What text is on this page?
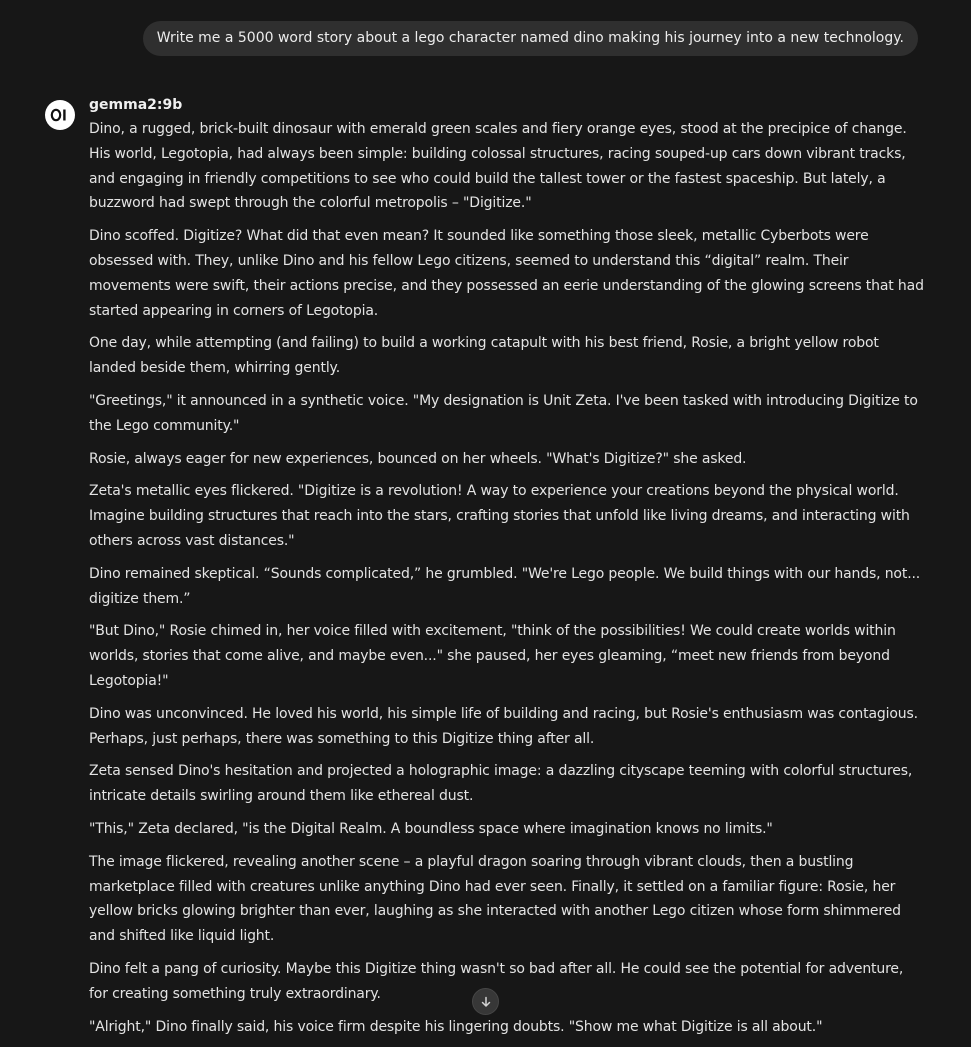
Write me a 5000 word story about a lego character named dino making his journey into a new technology.
gemma2:9b

Dino, a rugged, brick-built dinosaur with emerald green scales and fiery orange eyes, stood at the precipice of change. His world, Legotopia, had always been simple: building colossal structures, racing souped-up cars down vibrant tracks, and engaging in friendly competitions to see who could build the tallest tower or the fastest spaceship. But lately, a buzzword had swept through the colorful metropolis – "Digitize."

Dino scoffed. Digitize? What did that even mean? It sounded like something those sleek, metallic Cyberbots were obsessed with. They, unlike Dino and his fellow Lego citizens, seemed to understand this “digital” realm. Their movements were swift, their actions precise, and they possessed an eerie understanding of the glowing screens that had started appearing in corners of Legotopia.

One day, while attempting (and failing) to build a working catapult with his best friend, Rosie, a bright yellow robot landed beside them, whirring gently.

"Greetings," it announced in a synthetic voice. "My designation is Unit Zeta. I've been tasked with introducing Digitize to the Lego community."

Rosie, always eager for new experiences, bounced on her wheels. "What's Digitize?" she asked.

Zeta's metallic eyes flickered. "Digitize is a revolution! A way to experience your creations beyond the physical world. Imagine building structures that reach into the stars, crafting stories that unfold like living dreams, and interacting with others across vast distances."

Dino remained skeptical. “Sounds complicated,” he grumbled. "We're Lego people. We build things with our hands, not... digitize them.”

"But Dino," Rosie chimed in, her voice filled with excitement, "think of the possibilities! We could create worlds within worlds, stories that come alive, and maybe even..." she paused, her eyes gleaming, “meet new friends from beyond Legotopia!"

Dino was unconvinced. He loved his world, his simple life of building and racing, but Rosie's enthusiasm was contagious. Perhaps, just perhaps, there was something to this Digitize thing after all.

Zeta sensed Dino's hesitation and projected a holographic image: a dazzling cityscape teeming with colorful structures, intricate details swirling around them like ethereal dust.

"This," Zeta declared, "is the Digital Realm. A boundless space where imagination knows no limits."

The image flickered, revealing another scene – a playful dragon soaring through vibrant clouds, then a bustling marketplace filled with creatures unlike anything Dino had ever seen. Finally, it settled on a familiar figure: Rosie, her yellow bricks glowing brighter than ever, laughing as she interacted with another Lego citizen whose form shimmered and shifted like liquid light.

Dino felt a pang of curiosity. Maybe this Digitize thing wasn't so bad after all. He could see the potential for adventure, for creating something truly extraordinary.

"Alright," Dino finally said, his voice firm despite his lingering doubts. "Show me what Digitize is all about."
